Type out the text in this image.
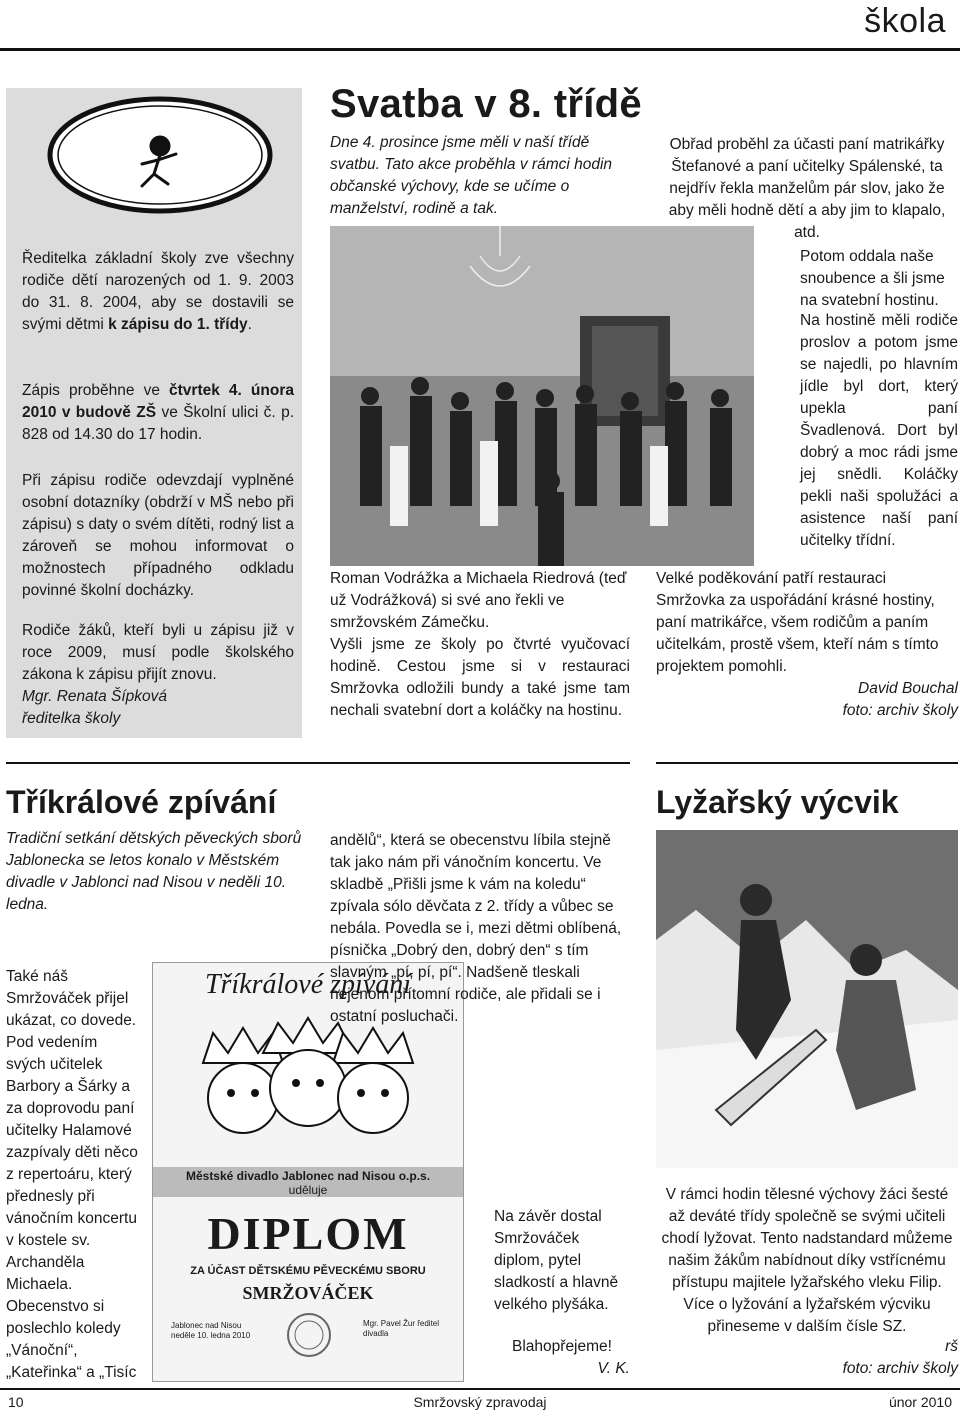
škola

Ředitelka základní školy zve všechny rodiče dětí narozených od 1. 9. 2003 do 31. 8. 2004, aby se dostavili se svými dětmi k zápisu do 1. třídy.

Zápis proběhne ve čtvrtek 4. února 2010 v budově ZŠ ve Školní ulici č. p. 828 od 14.30 do 17 hodin.

Při zápisu rodiče odevzdají vyplněné osobní dotazníky (obdrží v MŠ nebo při zápisu) s daty o svém dítěti, rodný list a zároveň se mohou informovat o možnostech případného odkladu povinné školní docházky.

Rodiče žáků, kteří byli u zápisu již v roce 2009, musí podle školského zákona k zápisu přijít znovu.

Mgr. Renata Šípková

ředitelka školy

Svatba v 8. třídě

Dne 4. prosince jsme měli v naší třídě svatbu. Tato akce proběhla v rámci hodin občanské výchovy, kde se učíme o manželství, rodině a tak.

Roman Vodrážka a Michaela Riedrová (teď už Vodrážková) si své ano řekli ve smržovském Zámečku.

Vyšli jsme ze školy po čtvrté vyučovací hodině. Cestou jsme si v restauraci Smržovka odložili bundy a také jsme tam nechali svatební dort a koláčky na hostinu.

Obřad proběhl za účasti paní matrikářky Štefanové a paní učitelky Spálenské, ta nejdřív řekla manželům pár slov, jako že aby měli hodně dětí a aby jim to klapalo, atd.

Potom oddala naše snoubence a šli jsme na svatební hostinu.

Na hostině měli rodiče proslov a potom jsme se najedli, po hlavním jídle byl dort, který upekla paní Švadlenová. Dort byl dobrý a moc rádi jsme jej snědli. Koláčky pekli naši spolužáci a asistence naší paní učitelky třídní.

Velké poděkování patří restauraci Smržovka za uspořádání krásné hostiny, paní matrikářce, všem rodičům a paním učitelkám, prostě všem, kteří nám s tímto projektem pomohli.

David Bouchal

foto: archiv školy

Tříkrálové zpívání

Tradiční setkání dětských pěveckých sborů Jablonecka se letos konalo v Městském divadle v Jablonci nad Nisou v neděli 10. ledna.

Také náš Smržováček přijel ukázat, co dovede. Pod vedením svých učitelek Barbory a Šárky a za doprovodu paní učitelky Halamové zazpívaly děti něco z repertoáru, který přednesly při vánočním koncertu v kostele sv. Archanděla Michaela. Obecenstvo si poslechlo koledy „Vánoční“, „Kateřinka“ a „Tisíc

Tříkrálové zpívání
Městské divadlo Jablonec nad Nisou o.p.s.
uděluje
DIPLOM
ZA ÚČAST DĚTSKÉMU PĚVECKÉMU SBORU
SMRŽOVÁČEK
Jablonec nad Nisou neděle 10. ledna 2010
Mgr. Pavel Žur ředitel divadla

andělů“, která se obecenstvu líbila stejně tak jako nám při vánočním koncertu. Ve skladbě „Přišli jsme k vám na koledu“ zpívala sólo děvčata z 2. třídy a vůbec se nebála. Povedla se i, mezi dětmi oblíbená, písnička „Dobrý den, dobrý den“ s tím slavným „pí, pí, pí“. Nadšeně tleskali nejenom přítomní rodiče, ale přidali se i ostatní posluchači.

Na závěr dostal Smržováček diplom, pytel sladkostí a hlavně velkého plyšáka.

Blahopřejeme!

V. K.

Lyžařský výcvik

V rámci hodin tělesné výchovy žáci šesté až deváté třídy společně se svými učiteli chodí lyžovat. Tento nadstandard můžeme našim žákům nabídnout díky vstřícnému přístupu majitele lyžařského vleku Filip. Více o lyžování a lyžařském výcviku přineseme v dalším čísle SZ.

rš

foto: archiv školy

10	Smržovský zpravodaj	únor 2010
